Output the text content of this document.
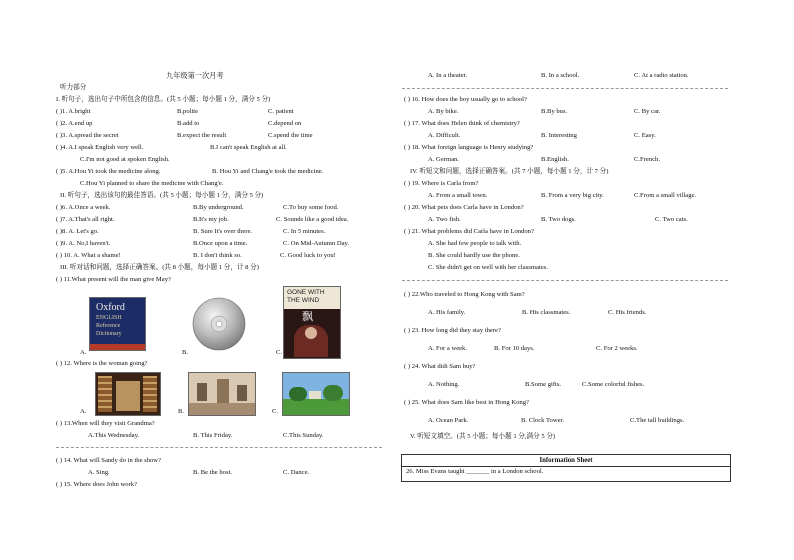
九年级第一次月考
听力部分
I. 听句子，选出句子中所包含的信息。(共 5 小题；每小题 1 分，满分 5 分)
( )1. A.bright	B.polite	C. patient
( )2. A.end up	B.add to	C.depend on
( )3. A.spread the secret	B.expect the result	C.spend the time
( )4. A.I speak English very well.	B.I can't speak English at all.
C.I'm not good at spoken English.
( )5. A.Hou Yi took the medicine along.	B. Hou Yi and Chang'e took the medicine.
C.Hou Yi planned to share the medicine with Chang'e.
II. 听句子，选出该句的最佳答语。(共 5 小题；每小题 1 分，满分 5 分)
( )6. A.Once a week.	B.By underground.	C.To buy some food.
( )7. A.That's all right.	B.It's my job.	C. Sounds like a good idea.
( )8. A. Let's go.	B. Sure It's over there.	C. In 5 minutes.
( )9. A. No,I haven't.	B.Once upon a time.	C. On Mid-Autumn Day.
( ) 10. A. What a shame!	B. I don't think so.	C. Good luck to you!
III. 听对话和问题，选择正确答案。(共 8 小题，每小题 1 分，计 8 分)
( ) 11.What present will the man give May?
A.
Oxford
ENGLISH
Reference
Dictionary
B.	C.
GONE WITH
THE WIND
飘
( ) 12. Where is the woman going?
A.	B.	C.
( ) 13.When will they visit Grandma?
A.This Wednesday.	B. This Friday.	C.This Sunday.
( ) 14. What will Sandy do in the show?
A. Sing.	B. Be the host.	C. Dance.
( ) 15. Where does John work?
A. In a theater.	B. In a school.	C. At a radio station.
( ) 16. How does the boy usually go to school?
A. By bike.	B.By bus.	C. By car.
( ) 17. What does Helen think of chemistry?
A. Difficult.	B. Interesting	C. Easy.
( ) 18. What foreign language is Henry studying?
A. German.	B.English.	C.French.
IV. 听短文和问题，选择正确答案。(共 7 小题，每小题 1 分，计 7 分)
( ) 19. Where is Carla from?
A. From a small town.	B. From a very big city.	C.From a small village.
( ) 20. What pets does Carla have in London?
A. Two fish.	B. Two dogs.	C. Two cats.
( ) 21. What problems did Carla have in London?
A. She had few people to talk with.
B. She could hardly use the phone.
C. She didn't get on well with her classmates.
( ) 22.Who traveled to Hong Kong with Sam?
A. His family.	B. His classmates.	C. His friends.
( ) 23. How long did they stay there?
A. For a week.	B. For 10 days.	C. For 2 weeks.
( ) 24. What didi Sam buy?
A. Nothing.	B.Some gifts.	C.Some colorful fishes.
( ) 25. What does Sam like best in Hong Kong?
A. Ocean Park.	B. Clock Tower.	C.The tall buildings.
V. 听短文填空。(共 5 小题；每小题 1 分,满分 5 分)
Information Sheet
26. Miss Evans taught _______ in a London school.
